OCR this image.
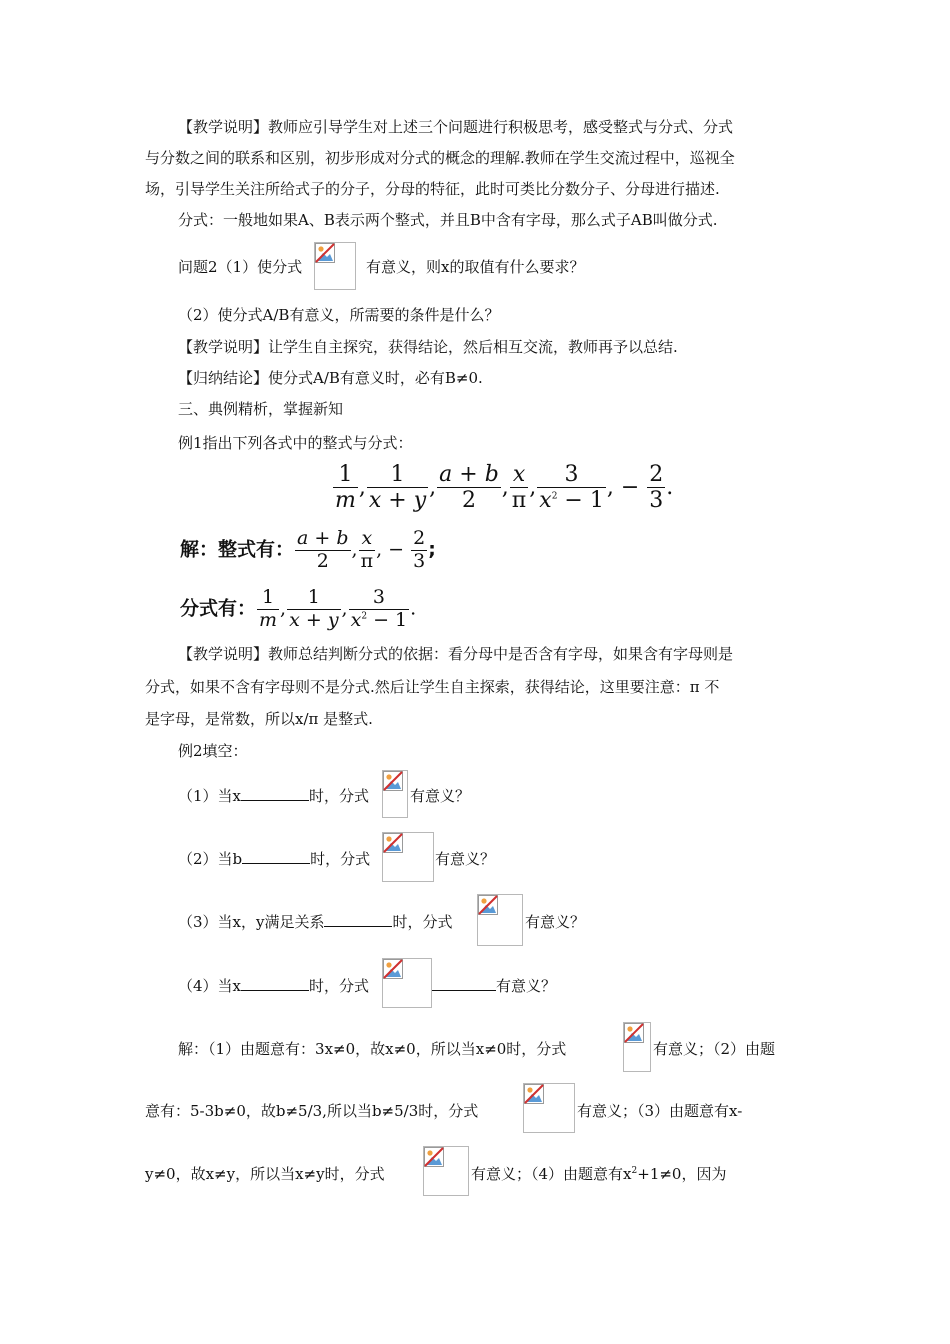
【教学说明】教师应引导学生对上述三个问题进行积极思考，感受整式与分式、分式
与分数之间的联系和区别，初步形成对分式的概念的理解.教师在学生交流过程中，巡视全
场，引导学生关注所给式子的分子，分母的特征，此时可类比分数分子、分母进行描述.
分式：一般地如果A、B表示两个整式，并且B中含有字母，那么式子AB叫做分式.
问题2（1）使分式	有意义，则x的取值有什么要求？
（2）使分式A/B有意义，所需要的条件是什么？
【教学说明】让学生自主探究，获得结论，然后相互交流，教师再予以总结.
【归纳结论】使分式A/B有意义时，必有B≠0.
三、典例精析，掌握新知
例1指出下列各式中的整式与分式：
$\frac{1}{m}$ , $\frac{1}{x + y}$ , $\frac{a + b}{2}$ , $\frac{x}{\pi}$ , $\frac{3}{x^2 - 1}$ , − $\frac{2}{3}$ .
解：整式有： $\frac{a + b}{2}$ , $\frac{x}{\pi}$ , − $\frac{2}{3}$ ;
分式有： $\frac{1}{m}$ , $\frac{1}{x + y}$ , $\frac{3}{x^2 - 1}$ .
【教学说明】教师总结判断分式的依据：看分母中是否含有字母，如果含有字母则是
分式，如果不含有字母则不是分式.然后让学生自主探索，获得结论，这里要注意：π 不
是字母，是常数，所以x/π 是整式.
例2填空：
（1）当x	时，分式	有意义？
（2）当b	时，分式	有意义？
（3）当x，y满足关系	时，分式	有意义？
（4）当x	时，分式	有意义？
解：（1）由题意有：3x≠0，故x≠0，所以当x≠0时，分式	有意义；（2）由题
意有：5-3b≠0，故b≠5/3,所以当b≠5/3时，分式	有意义；（3）由题意有x-
y≠0，故x≠y，所以当x≠y时，分式	有意义；（4）由题意有$x^2+1\ne 0$，因为
